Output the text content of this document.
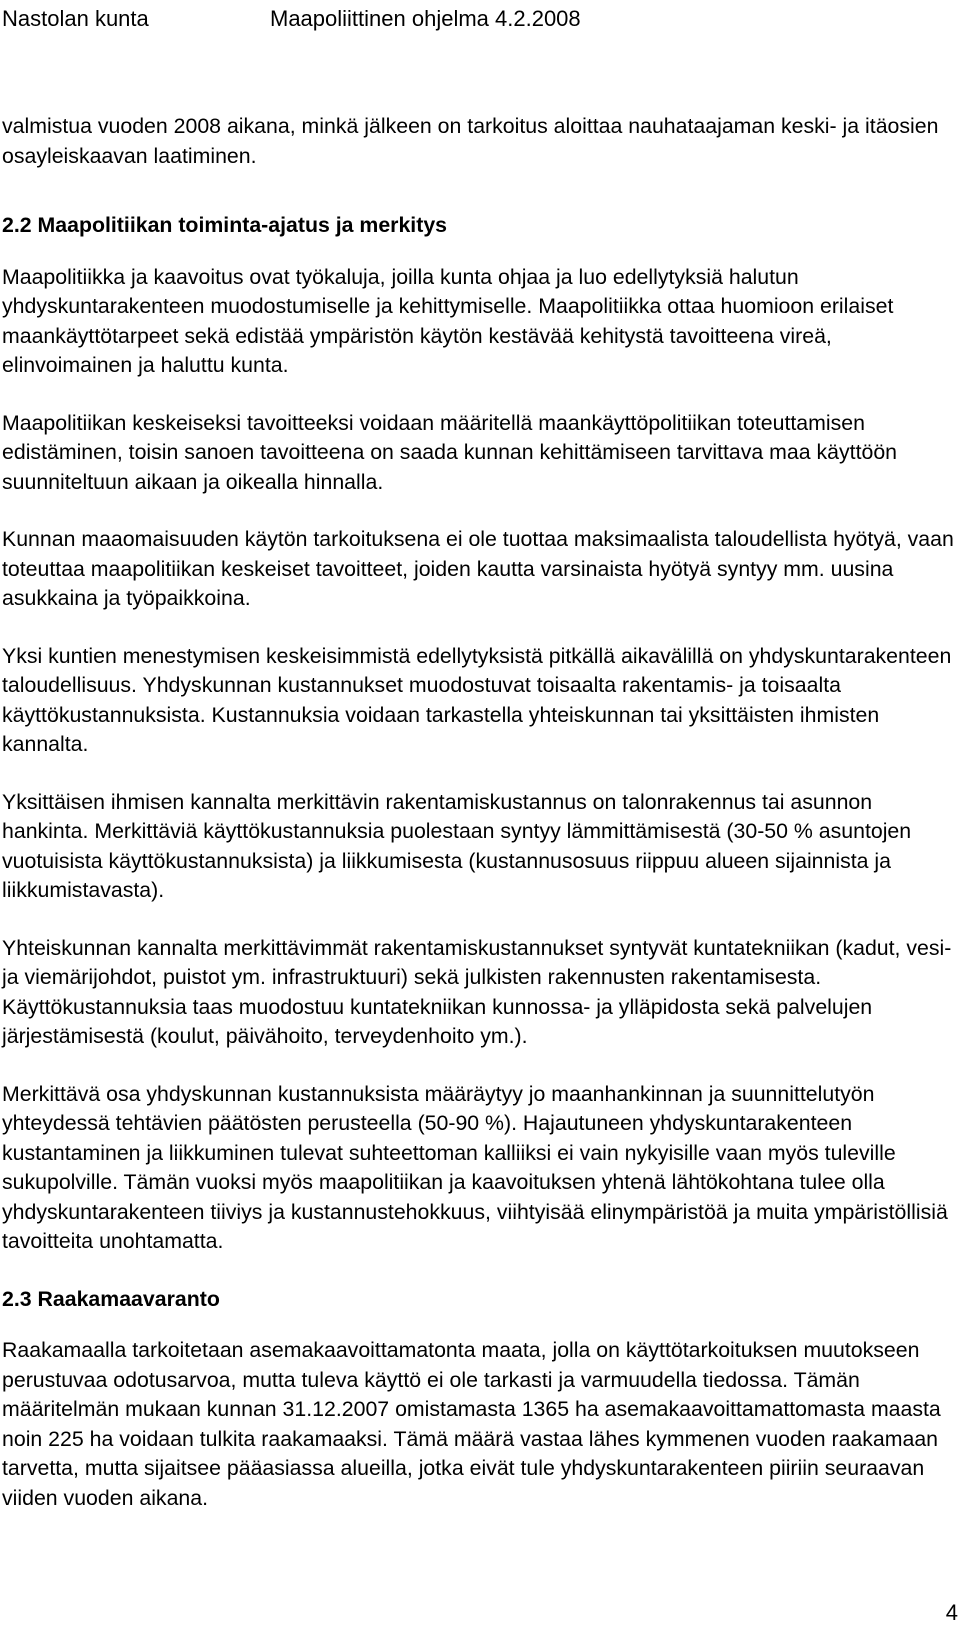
Nastolan kunta	Maapoliittinen ohjelma 4.2.2008

valmistua vuoden 2008 aikana, minkä jälkeen on tarkoitus aloittaa nauhataajaman keski- ja itäosien osayleiskaavan laatiminen.

2.2 Maapolitiikan toiminta-ajatus ja merkitys

Maapolitiikka ja kaavoitus ovat työkaluja, joilla kunta ohjaa ja luo edellytyksiä halutun yhdyskuntarakenteen muodostumiselle ja kehittymiselle. Maapolitiikka ottaa huomioon erilaiset maankäyttötarpeet sekä edistää ympäristön käytön kestävää kehitystä tavoitteena vireä, elinvoimainen ja haluttu kunta.

Maapolitiikan keskeiseksi tavoitteeksi voidaan määritellä maankäyttöpolitiikan toteuttamisen edistäminen, toisin sanoen tavoitteena on saada kunnan kehittämiseen tarvittava maa käyttöön suunniteltuun aikaan ja oikealla hinnalla.

Kunnan maaomaisuuden käytön tarkoituksena ei ole tuottaa maksimaalista taloudellista hyötyä, vaan toteuttaa maapolitiikan keskeiset tavoitteet, joiden kautta varsinaista hyötyä syntyy mm. uusina asukkaina ja työpaikkoina.

Yksi kuntien menestymisen keskeisimmistä edellytyksistä pitkällä aikavälillä on yhdyskuntarakenteen taloudellisuus. Yhdyskunnan kustannukset muodostuvat toisaalta rakentamis- ja toisaalta käyttökustannuksista. Kustannuksia voidaan tarkastella yhteiskunnan tai yksittäisten ihmisten kannalta.

Yksittäisen ihmisen kannalta merkittävin rakentamiskustannus on talonrakennus tai asunnon hankinta. Merkittäviä käyttökustannuksia puolestaan syntyy lämmittämisestä (30-50 % asuntojen vuotuisista käyttökustannuksista) ja liikkumisesta (kustannusosuus riippuu alueen sijainnista ja liikkumistavasta).

Yhteiskunnan kannalta merkittävimmät rakentamiskustannukset syntyvät kuntatekniikan (kadut, vesi- ja viemärijohdot, puistot ym. infrastruktuuri) sekä julkisten rakennusten rakentamisesta. Käyttökustannuksia taas muodostuu kuntatekniikan kunnossa- ja ylläpidosta sekä palvelujen järjestämisestä (koulut, päivähoito, terveydenhoito ym.).

Merkittävä osa yhdyskunnan kustannuksista määräytyy jo maanhankinnan ja suunnittelutyön yhteydessä tehtävien päätösten perusteella (50-90 %). Hajautuneen yhdyskuntarakenteen kustantaminen ja liikkuminen tulevat suhteettoman kalliiksi ei vain nykyisille vaan myös tuleville sukupolville. Tämän vuoksi myös maapolitiikan ja kaavoituksen yhtenä lähtökohtana tulee olla yhdyskuntarakenteen tiiviys ja kustannustehokkuus, viihtyisää elinympäristöä ja muita ympäristöllisiä tavoitteita unohtamatta.

2.3 Raakamaavaranto

Raakamaalla tarkoitetaan asemakaavoittamatonta maata, jolla on käyttötarkoituksen muutokseen perustuvaa odotusarvoa, mutta tuleva käyttö ei ole tarkasti ja varmuudella tiedossa. Tämän määritelmän mukaan kunnan 31.12.2007 omistamasta 1365 ha asemakaavoittamattomasta maasta noin 225 ha voidaan tulkita raakamaaksi. Tämä määrä vastaa lähes kymmenen vuoden raakamaan tarvetta, mutta sijaitsee pääasiassa alueilla, jotka eivät tule yhdyskuntarakenteen piiriin seuraavan viiden vuoden aikana.

4
